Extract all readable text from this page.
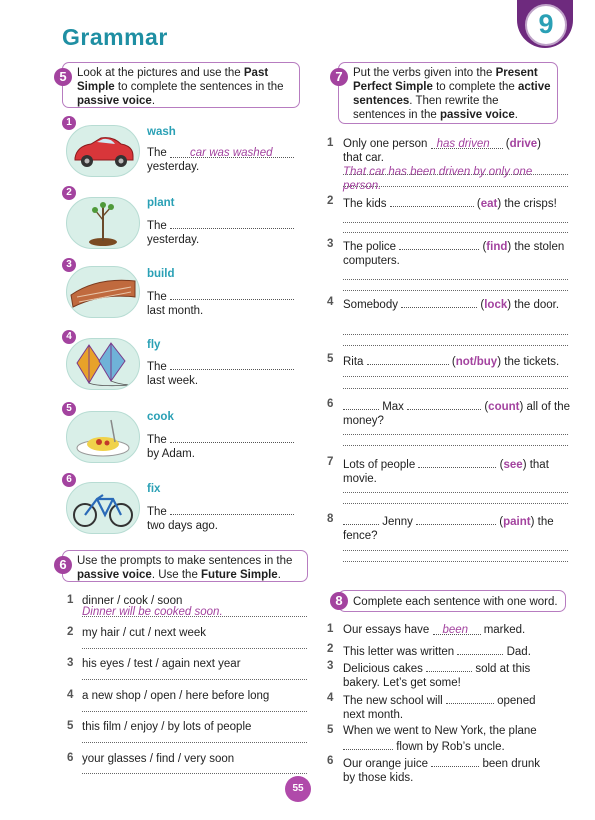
Grammar	9
Look at the pictures and use the Past Simple to complete the sentences in the passive voice.
5
1
2
3
4
5
6
wash
The car was washed
yesterday.
plant
The
yesterday.
build
The
last month.
fly
The
last week.
cook
The
by Adam.
fix
The
two days ago.
Use the prompts to make sentences in the passive voice. Use the Future Simple.
6
1 dinner / cook / soon
Dinner will be cooked soon.
2 my hair / cut / next week
3 his eyes / test / again next year
4 a new shop / open / here before long
5 this film / enjoy / by lots of people
6 your glasses / find / very soon
Put the verbs given into the Present Perfect Simple to complete the active sentences. Then rewrite the sentences in the passive voice.
7
1 Only one person has driven (drive)
that car.
That car has been driven by only one person.
2 The kids	(eat) the crisps!
3 The police	(find) the stolen computers.
4 Somebody	(lock) the door.
5 Rita	(not/buy) the tickets.
6	Max	(count) all of the money?
7 Lots of people	(see) that movie.
8	Jenny	(paint) the fence?
Complete each sentence with one word.
8
1 Our essays have been marked.
2 This letter was written	Dad.
3 Delicious cakes	sold at this
bakery. Let’s get some!
4 The new school will	opened
next month.
5 When we went to New York, the plane
flown by Rob’s uncle.
6 Our orange juice	been drunk
by those kids.
55
